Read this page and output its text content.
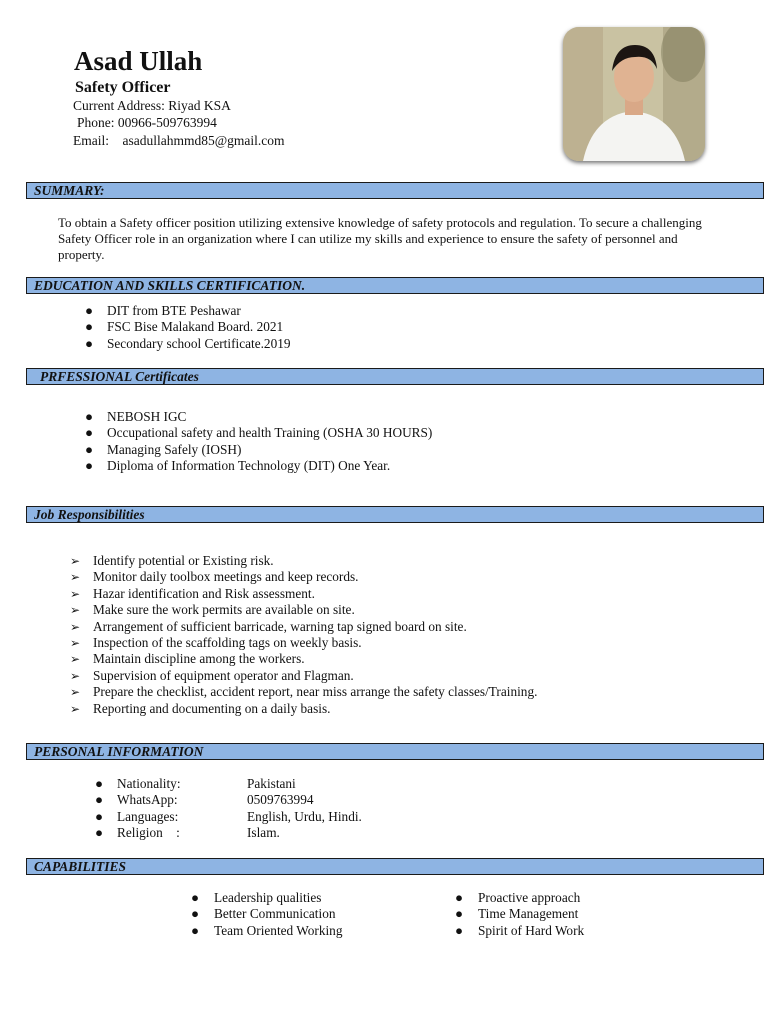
Asad Ullah
Safety Officer
Current Address: Riyad KSA
Phone: 00966-509763994
Email: asadullahmmd85@gmail.com
SUMMARY:

To obtain a Safety officer position utilizing extensive knowledge of safety protocols and regulation. To secure a challenging Safety Officer role in an organization where I can utilize my skills and experience to ensure the safety of personnel and property.

EDUCATION AND SKILLS CERTIFICATION.
● DIT from BTE Peshawar
● FSC Bise Malakand Board. 2021
● Secondary school Certificate.2019
PRFESSIONAL Certificates
● NEBOSH IGC
● Occupational safety and health Training (OSHA 30 HOURS)
● Managing Safely (IOSH)
● Diploma of Information Technology (DIT) One Year.
Job Responsibilities
➢ Identify potential or Existing risk.
➢ Monitor daily toolbox meetings and keep records.
➢ Hazar identification and Risk assessment.
➢ Make sure the work permits are available on site.
➢ Arrangement of sufficient barricade, warning tap signed board on site.
➢ Inspection of the scaffolding tags on weekly basis.
➢ Maintain discipline among the workers.
➢ Supervision of equipment operator and Flagman.
➢ Prepare the checklist, accident report, near miss arrange the safety classes/Training.
➢ Reporting and documenting on a daily basis.
PERSONAL INFORMATION
● Nationality:	Pakistani
● WhatsApp:	0509763994
● Languages:	English, Urdu, Hindi.
● Religion    :	Islam.
CAPABILITIES
● Leadership qualities
● Better Communication
● Team Oriented Working
● Proactive approach
● Time Management
● Spirit of Hard Work
